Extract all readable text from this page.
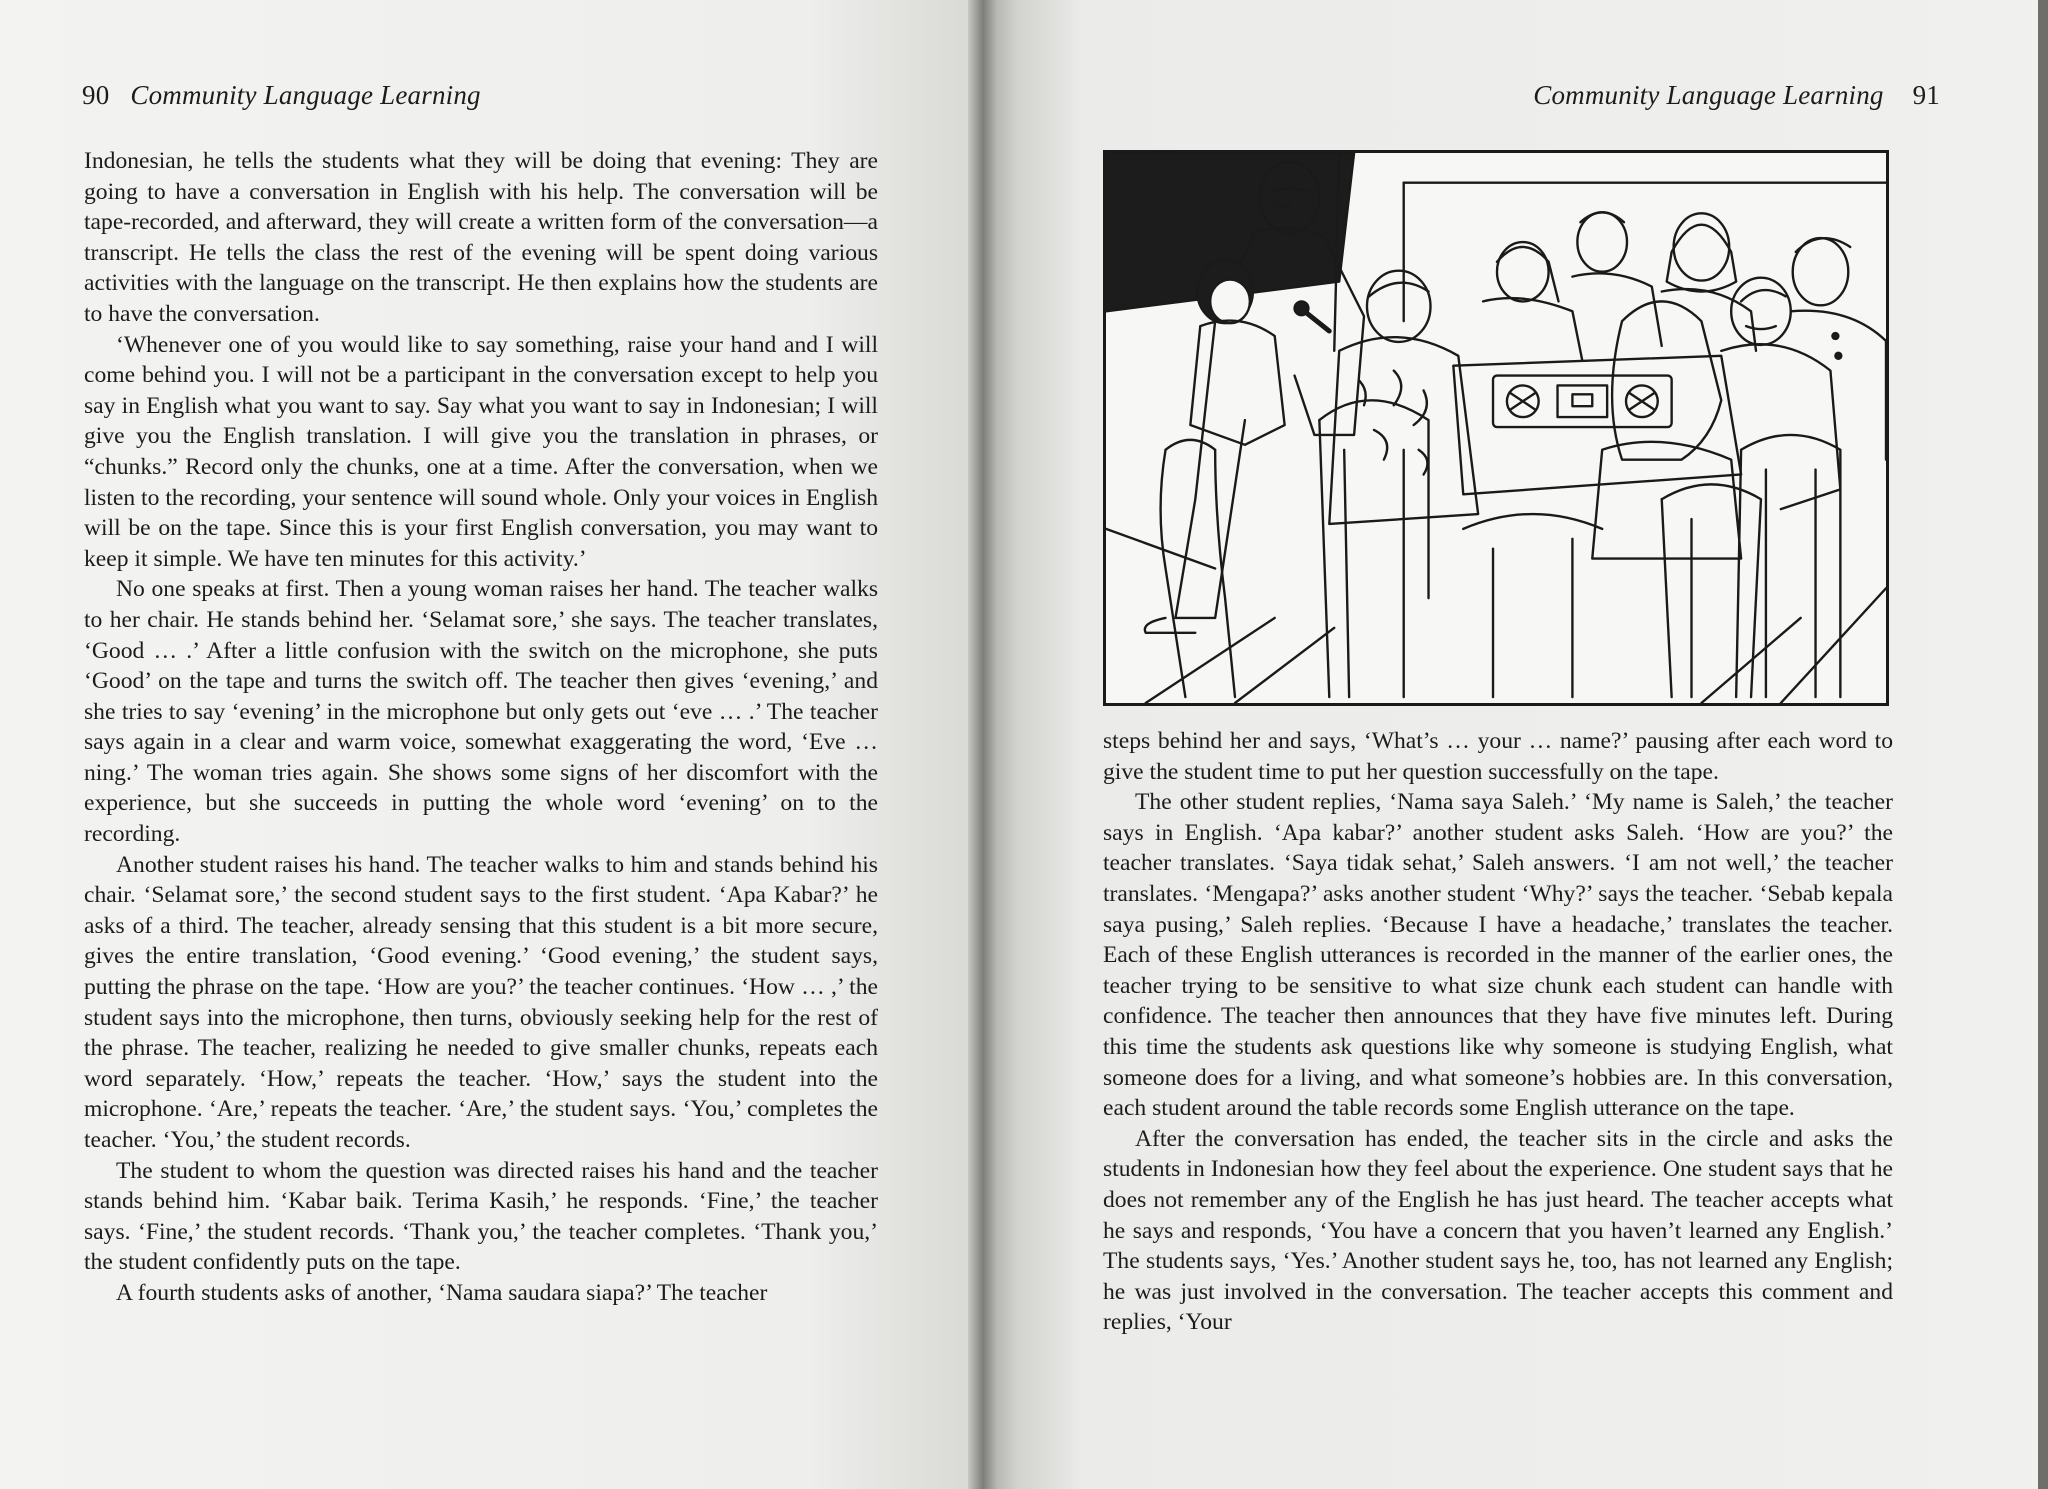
90 Community Language Learning

Indonesian, he tells the students what they will be doing that evening: They are going to have a conversation in English with his help. The conversation will be tape-recorded, and afterward, they will create a written form of the conversation—a transcript. He tells the class the rest of the evening will be spent doing various activities with the language on the transcript. He then explains how the students are to have the conversation.

‘Whenever one of you would like to say something, raise your hand and I will come behind you. I will not be a participant in the conversation except to help you say in English what you want to say. Say what you want to say in Indonesian; I will give you the English translation. I will give you the translation in phrases, or “chunks.” Record only the chunks, one at a time. After the conversation, when we listen to the recording, your sentence will sound whole. Only your voices in English will be on the tape. Since this is your first English conversation, you may want to keep it simple. We have ten minutes for this activity.’

No one speaks at first. Then a young woman raises her hand. The teacher walks to her chair. He stands behind her. ‘Selamat sore,’ she says. The teacher translates, ‘Good … .’ After a little confusion with the switch on the microphone, she puts ‘Good’ on the tape and turns the switch off. The teacher then gives ‘evening,’ and she tries to say ‘evening’ in the microphone but only gets out ‘eve … .’ The teacher says again in a clear and warm voice, somewhat exaggerating the word, ‘Eve … ning.’ The woman tries again. She shows some signs of her discomfort with the experience, but she succeeds in putting the whole word ‘evening’ on to the recording.

Another student raises his hand. The teacher walks to him and stands behind his chair. ‘Selamat sore,’ the second student says to the first student. ‘Apa Kabar?’ he asks of a third. The teacher, already sensing that this student is a bit more secure, gives the entire translation, ‘Good evening.’ ‘Good evening,’ the student says, putting the phrase on the tape. ‘How are you?’ the teacher continues. ‘How … ,’ the student says into the microphone, then turns, obviously seeking help for the rest of the phrase. The teacher, realizing he needed to give smaller chunks, repeats each word separately. ‘How,’ repeats the teacher. ‘How,’ says the student into the microphone. ‘Are,’ repeats the teacher. ‘Are,’ the student says. ‘You,’ completes the teacher. ‘You,’ the student records.

The student to whom the question was directed raises his hand and the teacher stands behind him. ‘Kabar baik. Terima Kasih,’ he responds. ‘Fine,’ the teacher says. ‘Fine,’ the student records. ‘Thank you,’ the teacher completes. ‘Thank you,’ the student confidently puts on the tape.

A fourth students asks of another, ‘Nama saudara siapa?’ The teacher

Community Language Learning 91

steps behind her and says, ‘What’s … your … name?’ pausing after each word to give the student time to put her question successfully on the tape.

The other student replies, ‘Nama saya Saleh.’ ‘My name is Saleh,’ the teacher says in English. ‘Apa kabar?’ another student asks Saleh. ‘How are you?’ the teacher translates. ‘Saya tidak sehat,’ Saleh answers. ‘I am not well,’ the teacher translates. ‘Mengapa?’ asks another student ‘Why?’ says the teacher. ‘Sebab kepala saya pusing,’ Saleh replies. ‘Because I have a headache,’ translates the teacher. Each of these English utterances is recorded in the manner of the earlier ones, the teacher trying to be sensitive to what size chunk each student can handle with confidence. The teacher then announces that they have five minutes left. During this time the students ask questions like why someone is studying English, what someone does for a living, and what someone’s hobbies are. In this conversation, each student around the table records some English utterance on the tape.

After the conversation has ended, the teacher sits in the circle and asks the students in Indonesian how they feel about the experience. One student says that he does not remember any of the English he has just heard. The teacher accepts what he says and responds, ‘You have a concern that you haven’t learned any English.’ The students says, ‘Yes.’ Another student says he, too, has not learned any English; he was just involved in the conversation. The teacher accepts this comment and replies, ‘Your
